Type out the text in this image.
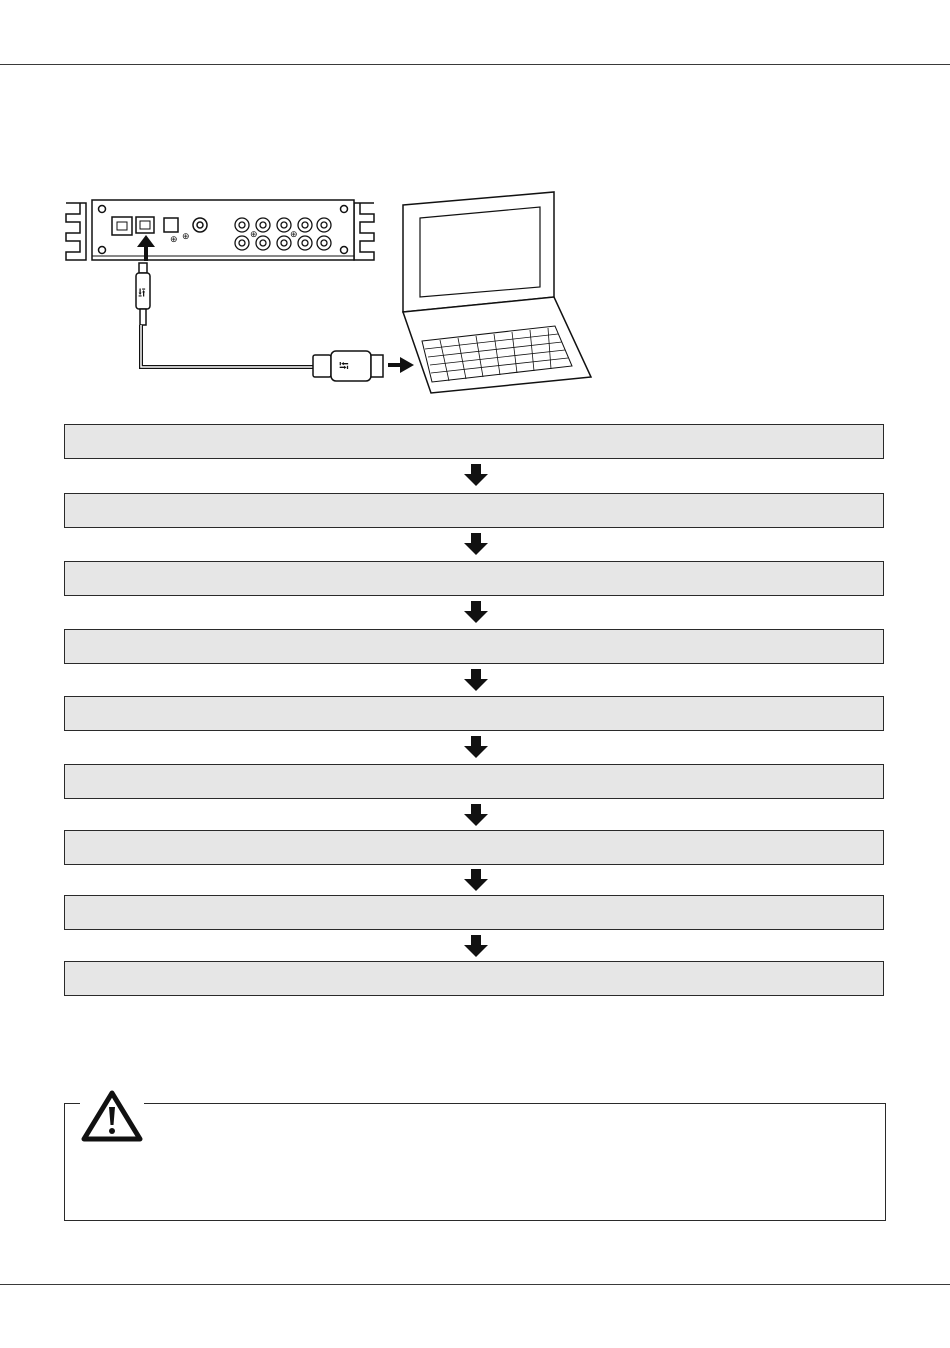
⊕ ⊕	⊕	⊕
⭿
⭾
